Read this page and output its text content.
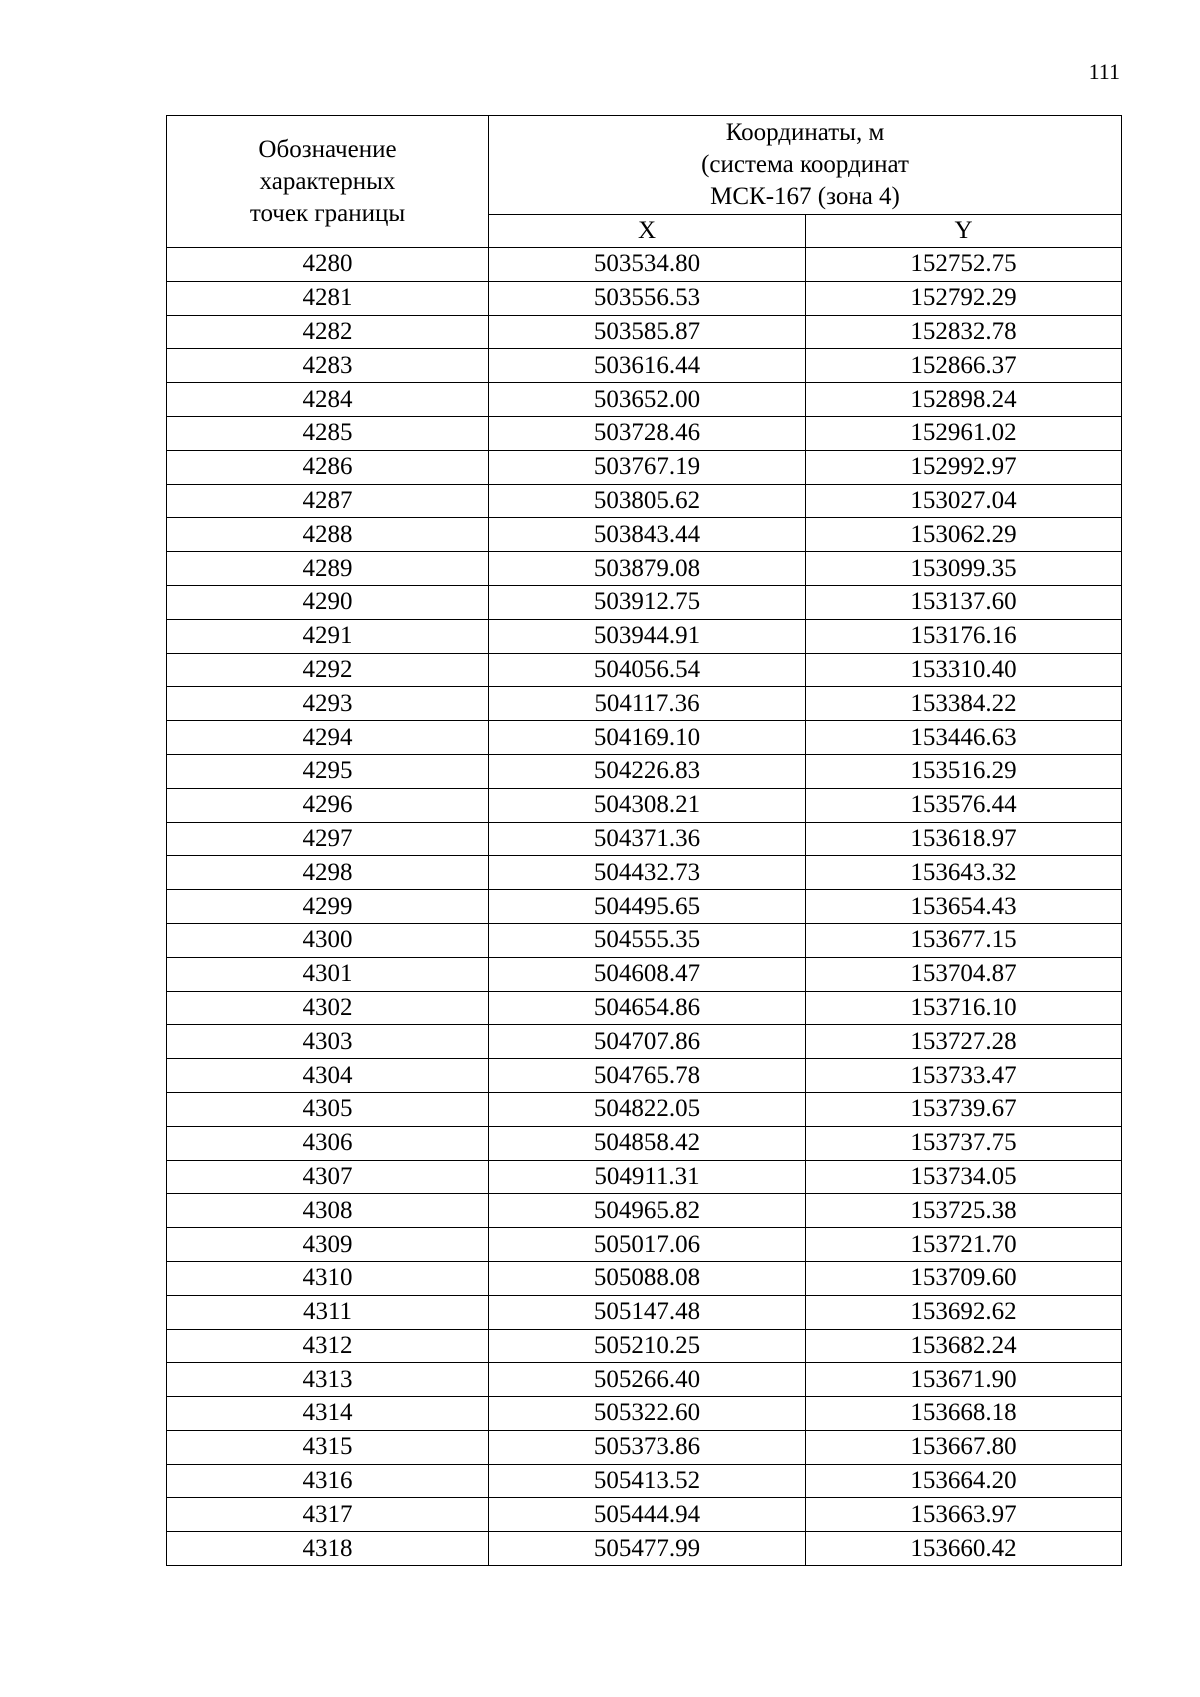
111
Обозначение
характерных
точек границы	Координаты, м
(система координат
МСК-167 (зона 4)	

	X	Y
4280	503534.80	152752.75
4281	503556.53	152792.29
4282	503585.87	152832.78
4283	503616.44	152866.37
4284	503652.00	152898.24
4285	503728.46	152961.02
4286	503767.19	152992.97
4287	503805.62	153027.04
4288	503843.44	153062.29
4289	503879.08	153099.35
4290	503912.75	153137.60
4291	503944.91	153176.16
4292	504056.54	153310.40
4293	504117.36	153384.22
4294	504169.10	153446.63
4295	504226.83	153516.29
4296	504308.21	153576.44
4297	504371.36	153618.97
4298	504432.73	153643.32
4299	504495.65	153654.43
4300	504555.35	153677.15
4301	504608.47	153704.87
4302	504654.86	153716.10
4303	504707.86	153727.28
4304	504765.78	153733.47
4305	504822.05	153739.67
4306	504858.42	153737.75
4307	504911.31	153734.05
4308	504965.82	153725.38
4309	505017.06	153721.70
4310	505088.08	153709.60
4311	505147.48	153692.62
4312	505210.25	153682.24
4313	505266.40	153671.90
4314	505322.60	153668.18
4315	505373.86	153667.80
4316	505413.52	153664.20
4317	505444.94	153663.97
4318	505477.99	153660.42
